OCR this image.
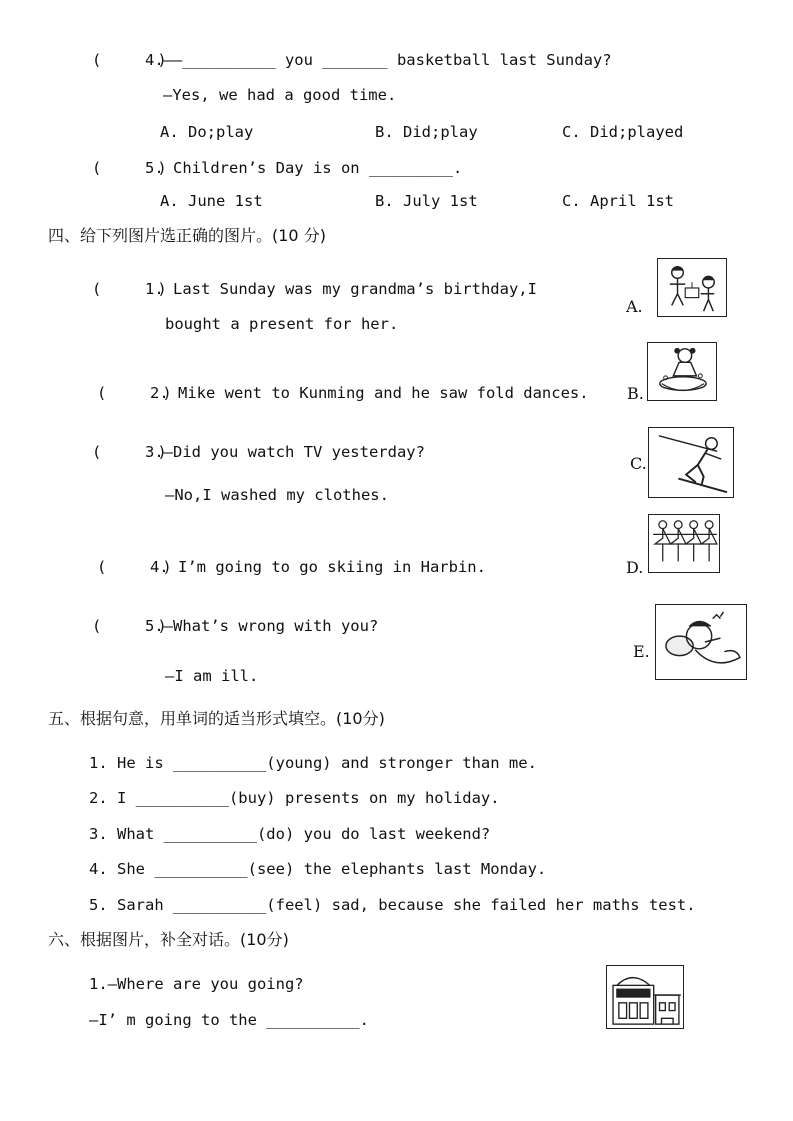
(      )
4.——__________ you _______ basketball last Sunday?
—Yes, we had a good time.
A. Do;play	B. Did;play	C. Did;played
(      )
5. Children’s Day is on _________.
A. June 1st	B. July 1st	C. April 1st
四、给下列图片选正确的图片。(10 分)
(      )
1. Last Sunday was my grandma’s birthday,I
bought a present for her.
(      )
2. Mike went to Kunming and he saw fold dances.
(      )
3.—Did you watch TV yesterday?
—No,I washed my clothes.
(      )
4. I’m going to go skiing in Harbin.
(      )
5.—What’s wrong with you?
—I am ill.
A.
B.
C.
D.
E.
五、根据句意，用单词的适当形式填空。(10分)
1. He is __________(young) and stronger than me.
2. I __________(buy) presents on my holiday.
3. What __________(do) you do last weekend?
4. She __________(see) the elephants last Monday.
5. Sarah __________(feel) sad, because she failed her maths test.
六、根据图片，补全对话。(10分)
1.—Where are you going?
—I’ m going to the __________.
